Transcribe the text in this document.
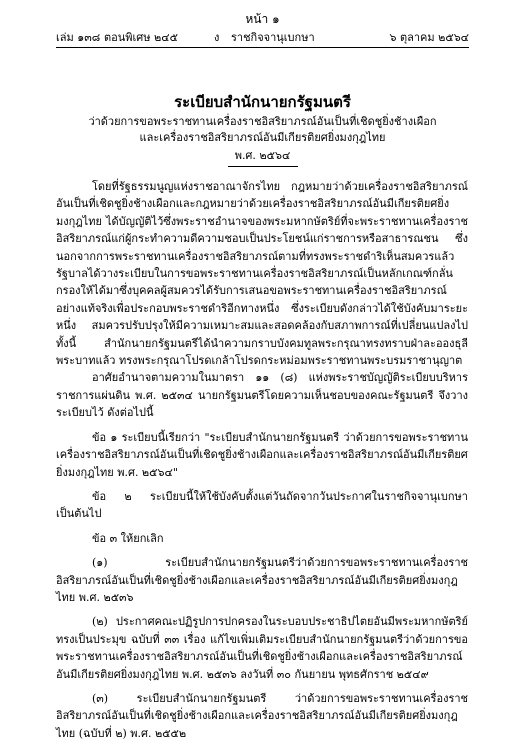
หน้า ๑
เล่ม ๑๓๘ ตอนพิเศษ ๒๔๕	ง ราชกิจจานุเบกษา	๖ ตุลาคม ๒๕๖๔
ระเบียบสำนักนายกรัฐมนตรี
ว่าด้วยการขอพระราชทานเครื่องราชอิสริยาภรณ์อันเป็นที่เชิดชูยิ่งช้างเผือก
และเครื่องราชอิสริยาภรณ์อันมีเกียรติยศยิ่งมงกุฎไทย
พ.ศ. ๒๕๖๔

โดยที่รัฐธรรมนูญแห่งราชอาณาจักรไทย กฎหมายว่าด้วยเครื่องราชอิสริยาภรณ์อันเป็นที่เชิดชูยิ่งช้างเผือกและกฎหมายว่าด้วยเครื่องราชอิสริยาภรณ์อันมีเกียรติยศยิ่งมงกุฎไทย ได้บัญญัติไว้ซึ่งพระราชอำนาจของพระมหากษัตริย์ที่จะพระราชทานเครื่องราชอิสริยาภรณ์แก่ผู้กระทำความดีความชอบเป็นประโยชน์แก่ราชการหรือสาธารณชน ซึ่งนอกจากการพระราชทานเครื่องราชอิสริยาภรณ์ตามที่ทรงพระราชดำริเห็นสมควรแล้ว รัฐบาลได้วางระเบียบในการขอพระราชทานเครื่องราชอิสริยาภรณ์เป็นหลักเกณฑ์กลั่นกรองให้ได้มาซึ่งบุคคลผู้สมควรได้รับการเสนอขอพระราชทานเครื่องราชอิสริยาภรณ์อย่างแท้จริงเพื่อประกอบพระราชดำริอีกทางหนึ่ง ซึ่งระเบียบดังกล่าวได้ใช้บังคับมาระยะหนึ่ง สมควรปรับปรุงให้มีความเหมาะสมและสอดคล้องกับสภาพการณ์ที่เปลี่ยนแปลงไป ทั้งนี้ สำนักนายกรัฐมนตรีได้นำความกราบบังคมทูลพระกรุณาทรงทราบฝ่าละอองธุลีพระบาทแล้ว ทรงพระกรุณาโปรดเกล้าโปรดกระหม่อมพระราชทานพระบรมราชานุญาต

อาศัยอำนาจตามความในมาตรา ๑๑ (๘) แห่งพระราชบัญญัติระเบียบบริหารราชการแผ่นดิน พ.ศ. ๒๕๓๔ นายกรัฐมนตรีโดยความเห็นชอบของคณะรัฐมนตรี จึงวางระเบียบไว้ ดังต่อไปนี้

ข้อ ๑ ระเบียบนี้เรียกว่า "ระเบียบสำนักนายกรัฐมนตรี ว่าด้วยการขอพระราชทานเครื่องราชอิสริยาภรณ์อันเป็นที่เชิดชูยิ่งช้างเผือกและเครื่องราชอิสริยาภรณ์อันมีเกียรติยศยิ่งมงกุฎไทย พ.ศ. ๒๕๖๔"

ข้อ ๒ ระเบียบนี้ให้ใช้บังคับตั้งแต่วันถัดจากวันประกาศในราชกิจจานุเบกษาเป็นต้นไป

ข้อ ๓ ให้ยกเลิก

(๑) ระเบียบสำนักนายกรัฐมนตรีว่าด้วยการขอพระราชทานเครื่องราชอิสริยาภรณ์อันเป็นที่เชิดชูยิ่งช้างเผือกและเครื่องราชอิสริยาภรณ์อันมีเกียรติยศยิ่งมงกุฎไทย พ.ศ. ๒๕๓๖

(๒) ประกาศคณะปฏิรูปการปกครองในระบอบประชาธิปไตยอันมีพระมหากษัตริย์ทรงเป็นประมุข ฉบับที่ ๓๓ เรื่อง แก้ไขเพิ่มเติมระเบียบสำนักนายกรัฐมนตรีว่าด้วยการขอพระราชทานเครื่องราชอิสริยาภรณ์อันเป็นที่เชิดชูยิ่งช้างเผือกและเครื่องราชอิสริยาภรณ์อันมีเกียรติยศยิ่งมงกุฎไทย พ.ศ. ๒๕๓๖ ลงวันที่ ๓๐ กันยายน พุทธศักราช ๒๕๔๙

(๓) ระเบียบสำนักนายกรัฐมนตรี ว่าด้วยการขอพระราชทานเครื่องราชอิสริยาภรณ์อันเป็นที่เชิดชูยิ่งช้างเผือกและเครื่องราชอิสริยาภรณ์อันมีเกียรติยศยิ่งมงกุฎไทย (ฉบับที่ ๒) พ.ศ. ๒๕๕๒
